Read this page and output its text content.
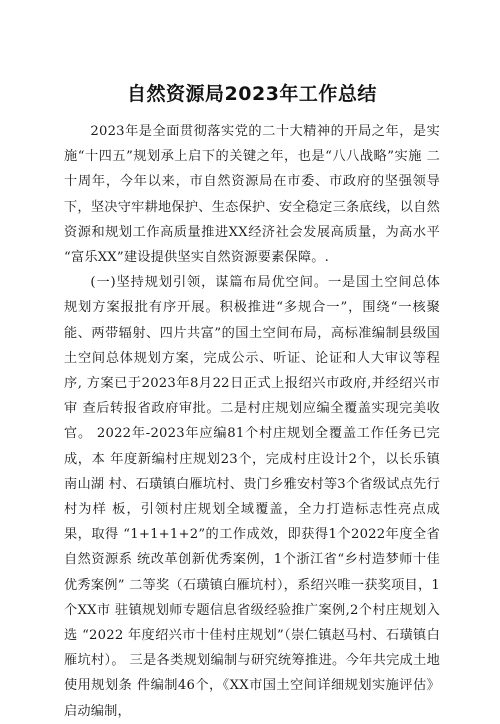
自然资源局2023年工作总结

2023年是全面贯彻落实党的二十大精神的开局之年，是实 施“十四五”规划承上启下的关键之年，也是“八八战略”实施 二十周年，今年以来，市自然资源局在市委、市政府的坚强领导 下，坚决守牢耕地保护、生态保护、安全稳定三条底线，以自然 资源和规划工作高质量推进XX经济社会发展高质量，为高水平 “富乐XX”建设提供坚实自然资源要素保障。.

(一)坚持规划引领，谋篇布局优空间。一是国土空间总体 规划方案报批有序开展。积极推进“多规合一”，围绕“一核聚 能、两带辐射、四片共富”的国土空间布局，高标准编制县级国 土空间总体规划方案，完成公示、听证、论证和人大审议等程序, 方案已于2023年8月22日正式上报绍兴市政府,并经绍兴市审 查后转报省政府审批。二是村庄规划应编全覆盖实现完美收官。 2022年-2023年应编81个村庄规划全覆盖工作任务已完成，本 年度新编村庄规划23个，完成村庄设计2个，以长乐镇南山湖 村、石璜镇白雁坑村、贵门乡雅安村等3个省级试点先行村为样 板，引领村庄规划全域覆盖，全力打造标志性亮点成果，取得 “1+1+1+2”的工作成效，即获得1个2022年度全省自然资源系 统改革创新优秀案例，1个浙江省“乡村造梦师十佳优秀案例” 二等奖（石璜镇白雁坑村），系绍兴唯一获奖项目，1个XX市 驻镇规划师专题信息省级经验推广案例,2个村庄规划入选 “2022 年度绍兴市十佳村庄规划”（崇仁镇赵马村、石璜镇白雁坑村）。 三是各类规划编制与研究统筹推进。今年共完成土地使用规划条 件编制46个，《XX市国土空间详细规划实施评估》启动编制，
